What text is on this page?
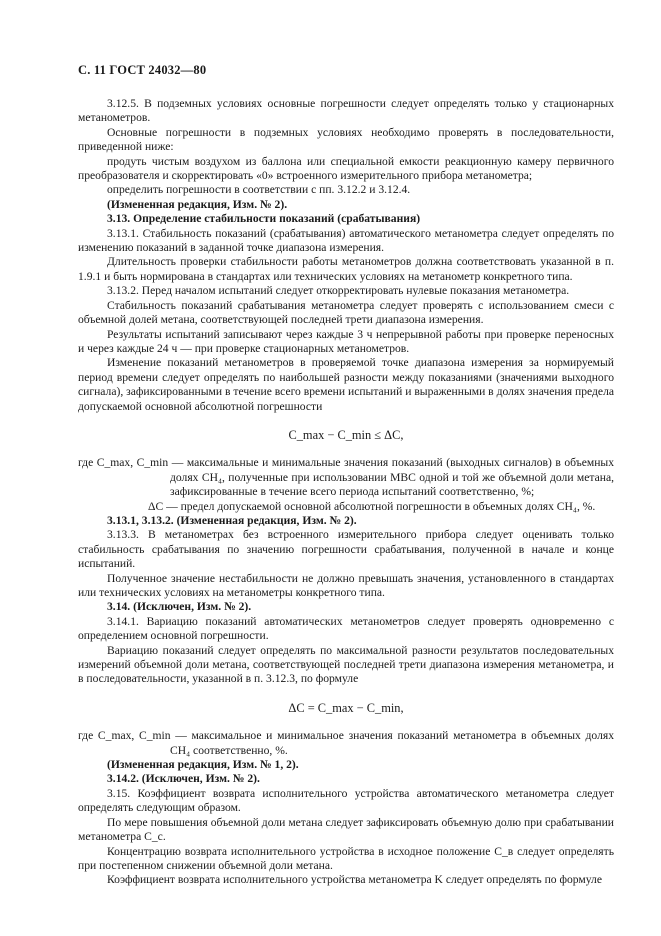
С. 11 ГОСТ 24032—80

3.12.5. В подземных условиях основные погрешности следует определять только у стационарных метанометров.

Основные погрешности в подземных условиях необходимо проверять в последовательности, приведенной ниже:

продуть чистым воздухом из баллона или специальной емкости реакционную камеру первичного преобразователя и скорректировать «0» встроенного измерительного прибора метанометра;

определить погрешности в соответствии с пп. 3.12.2 и 3.12.4.

(Измененная редакция, Изм. № 2).

3.13. Определение стабильности показаний (срабатывания)

3.13.1. Стабильность показаний (срабатывания) автоматического метанометра следует определять по изменению показаний в заданной точке диапазона измерения.

Длительность проверки стабильности работы метанометров должна соответствовать указанной в п. 1.9.1 и быть нормирована в стандартах или технических условиях на метанометр конкретного типа.

3.13.2. Перед началом испытаний следует откорректировать нулевые показания метанометра.

Стабильность показаний срабатывания метанометра следует проверять с использованием смеси с объемной долей метана, соответствующей последней трети диапазона измерения.

Результаты испытаний записывают через каждые 3 ч непрерывной работы при проверке переносных и через каждые 24 ч — при проверке стационарных метанометров.

Изменение показаний метанометров в проверяемой точке диапазона измерения за нормируемый период времени следует определять по наибольшей разности между показаниями (значениями выходного сигнала), зафиксированными в течение всего времени испытаний и выраженными в долях значения предела допускаемой основной абсолютной погрешности

C_max − C_min ≤ ΔC,
где C_max, C_min — максимальные и минимальные значения показаний (выходных сигналов) в объемных долях CH₄, полученные при использовании МВС одной и той же объемной доли метана, зафиксированные в течение всего периода испытаний соответственно, %;
ΔC — предел допускаемой основной абсолютной погрешности в объемных долях CH₄, %.

3.13.1, 3.13.2. (Измененная редакция, Изм. № 2).

3.13.3. В метанометрах без встроенного измерительного прибора следует оценивать только стабильность срабатывания по значению погрешности срабатывания, полученной в начале и конце испытаний.

Полученное значение нестабильности не должно превышать значения, установленного в стандартах или технических условиях на метанометры конкретного типа.

3.14. (Исключен, Изм. № 2).

3.14.1. Вариацию показаний автоматических метанометров следует проверять одновременно с определением основной погрешности.

Вариацию показаний следует определять по максимальной разности результатов последовательных измерений объемной доли метана, соответствующей последней трети диапазона измерения метанометра, и в последовательности, указанной в п. 3.12.3, по формуле

ΔC = C_max − C_min,
где C_max, C_min — максимальное и минимальное значения показаний метанометра в объемных долях CH₄ соответственно, %.

(Измененная редакция, Изм. № 1, 2).

3.14.2. (Исключен, Изм. № 2).

3.15. Коэффициент возврата исполнительного устройства автоматического метанометра следует определять следующим образом.

По мере повышения объемной доли метана следует зафиксировать объемную долю при срабатывании метанометра C_c.

Концентрацию возврата исполнительного устройства в исходное положение C_в следует определять при постепенном снижении объемной доли метана.

Коэффициент возврата исполнительного устройства метанометра K следует определять по формуле
